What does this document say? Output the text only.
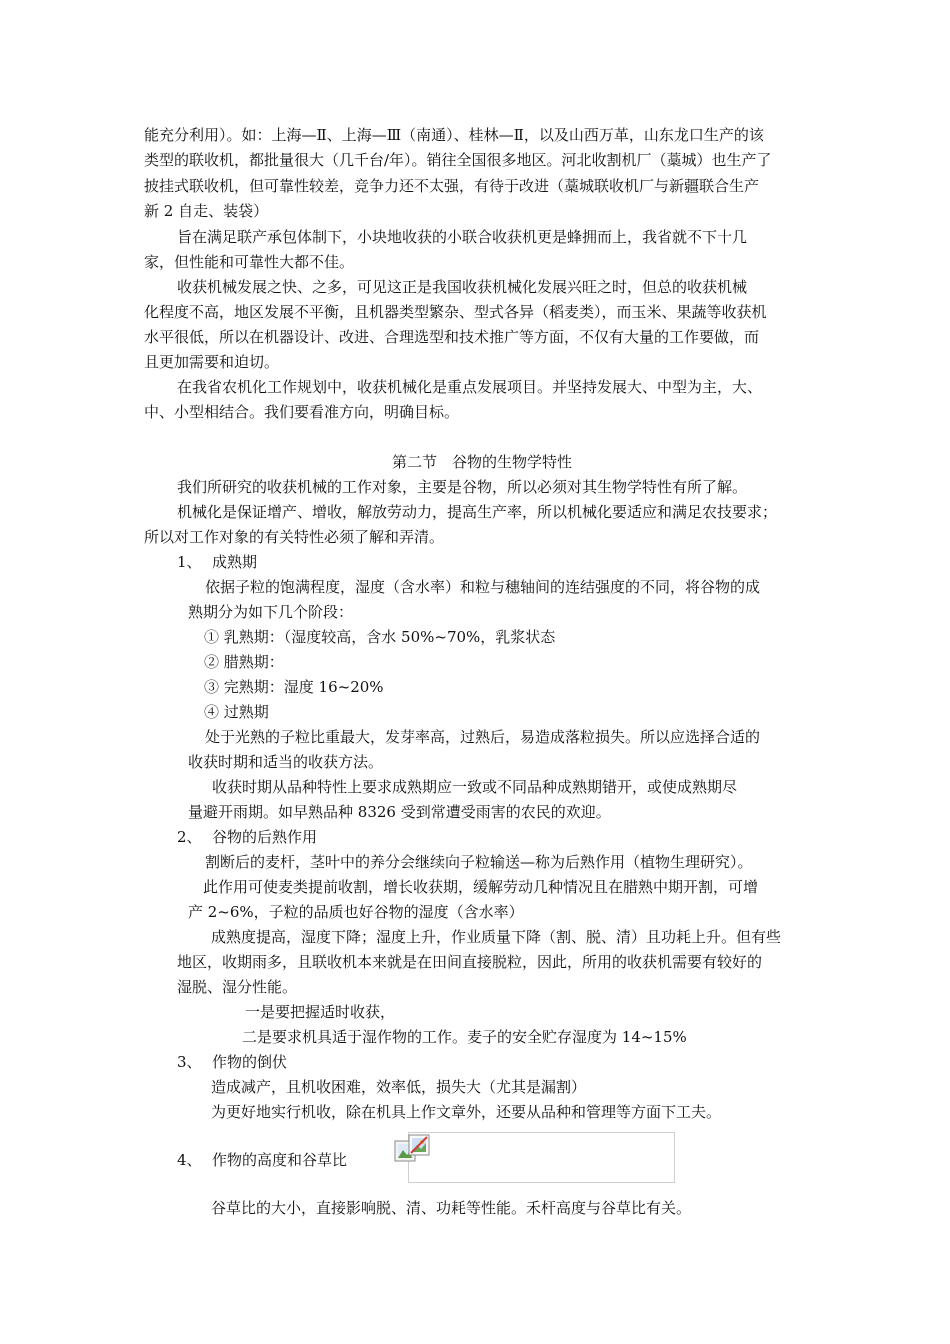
能充分利用）。如：上海—Ⅱ、上海—Ⅲ（南通）、桂林—Ⅱ，以及山西万革，山东龙口生产的该
类型的联收机，都批量很大（几千台/年）。销往全国很多地区。河北收割机厂（藁城）也生产了
披挂式联收机，但可靠性较差，竞争力还不太强，有待于改进（藁城联收机厂与新疆联合生产
新 2 自走、装袋）
旨在满足联产承包体制下，小块地收获的小联合收获机更是蜂拥而上，我省就不下十几
家，但性能和可靠性大都不佳。
收获机械发展之快、之多，可见这正是我国收获机械化发展兴旺之时，但总的收获机械
化程度不高，地区发展不平衡，且机器类型繁杂、型式各异（稻麦类），而玉米、果蔬等收获机
水平很低，所以在机器设计、改进、合理选型和技术推广等方面，不仅有大量的工作要做，而
且更加需要和迫切。
在我省农机化工作规划中，收获机械化是重点发展项目。并坚持发展大、中型为主，大、
中、小型相结合。我们要看准方向，明确目标。
第二节　谷物的生物学特性
我们所研究的收获机械的工作对象，主要是谷物，所以必须对其生物学特性有所了解。
机械化是保证增产、增收，解放劳动力，提高生产率，所以机械化要适应和满足农技要求；
所以对工作对象的有关特性必须了解和弄清。
1、 成熟期
依据子粒的饱满程度，湿度（含水率）和粒与穗轴间的连结强度的不同，将谷物的成
熟期分为如下几个阶段：
① 乳熟期：（湿度较高，含水 50%~70%，乳浆状态
② 腊熟期：
③ 完熟期：湿度 16~20%
④ 过熟期
处于光熟的子粒比重最大，发芽率高，过熟后，易造成落粒损失。所以应选择合适的
收获时期和适当的收获方法。
收获时期从品种特性上要求成熟期应一致或不同品种成熟期错开，或使成熟期尽
量避开雨期。如早熟品种 8326 受到常遭受雨害的农民的欢迎。
2、 谷物的后熟作用
割断后的麦杆，茎叶中的养分会继续向子粒输送—称为后熟作用（植物生理研究）。
此作用可使麦类提前收割，增长收获期，缓解劳动几种情况且在腊熟中期开割，可增
产 2~6%，子粒的品质也好谷物的湿度（含水率）
成熟度提高，湿度下降；湿度上升，作业质量下降（割、脱、清）且功耗上升。但有些
地区，收期雨多，且联收机本来就是在田间直接脱粒，因此，所用的收获机需要有较好的
湿脱、湿分性能。
一是要把握适时收获，
二是要求机具适于湿作物的工作。麦子的安全贮存湿度为 14~15%
3、 作物的倒伏
造成减产，且机收困难，效率低，损失大（尤其是漏割）
为更好地实行机收，除在机具上作文章外，还要从品种和管理等方面下工夫。
4、 作物的高度和谷草比
谷草比的大小，直接影响脱、清、功耗等性能。禾杆高度与谷草比有关。
